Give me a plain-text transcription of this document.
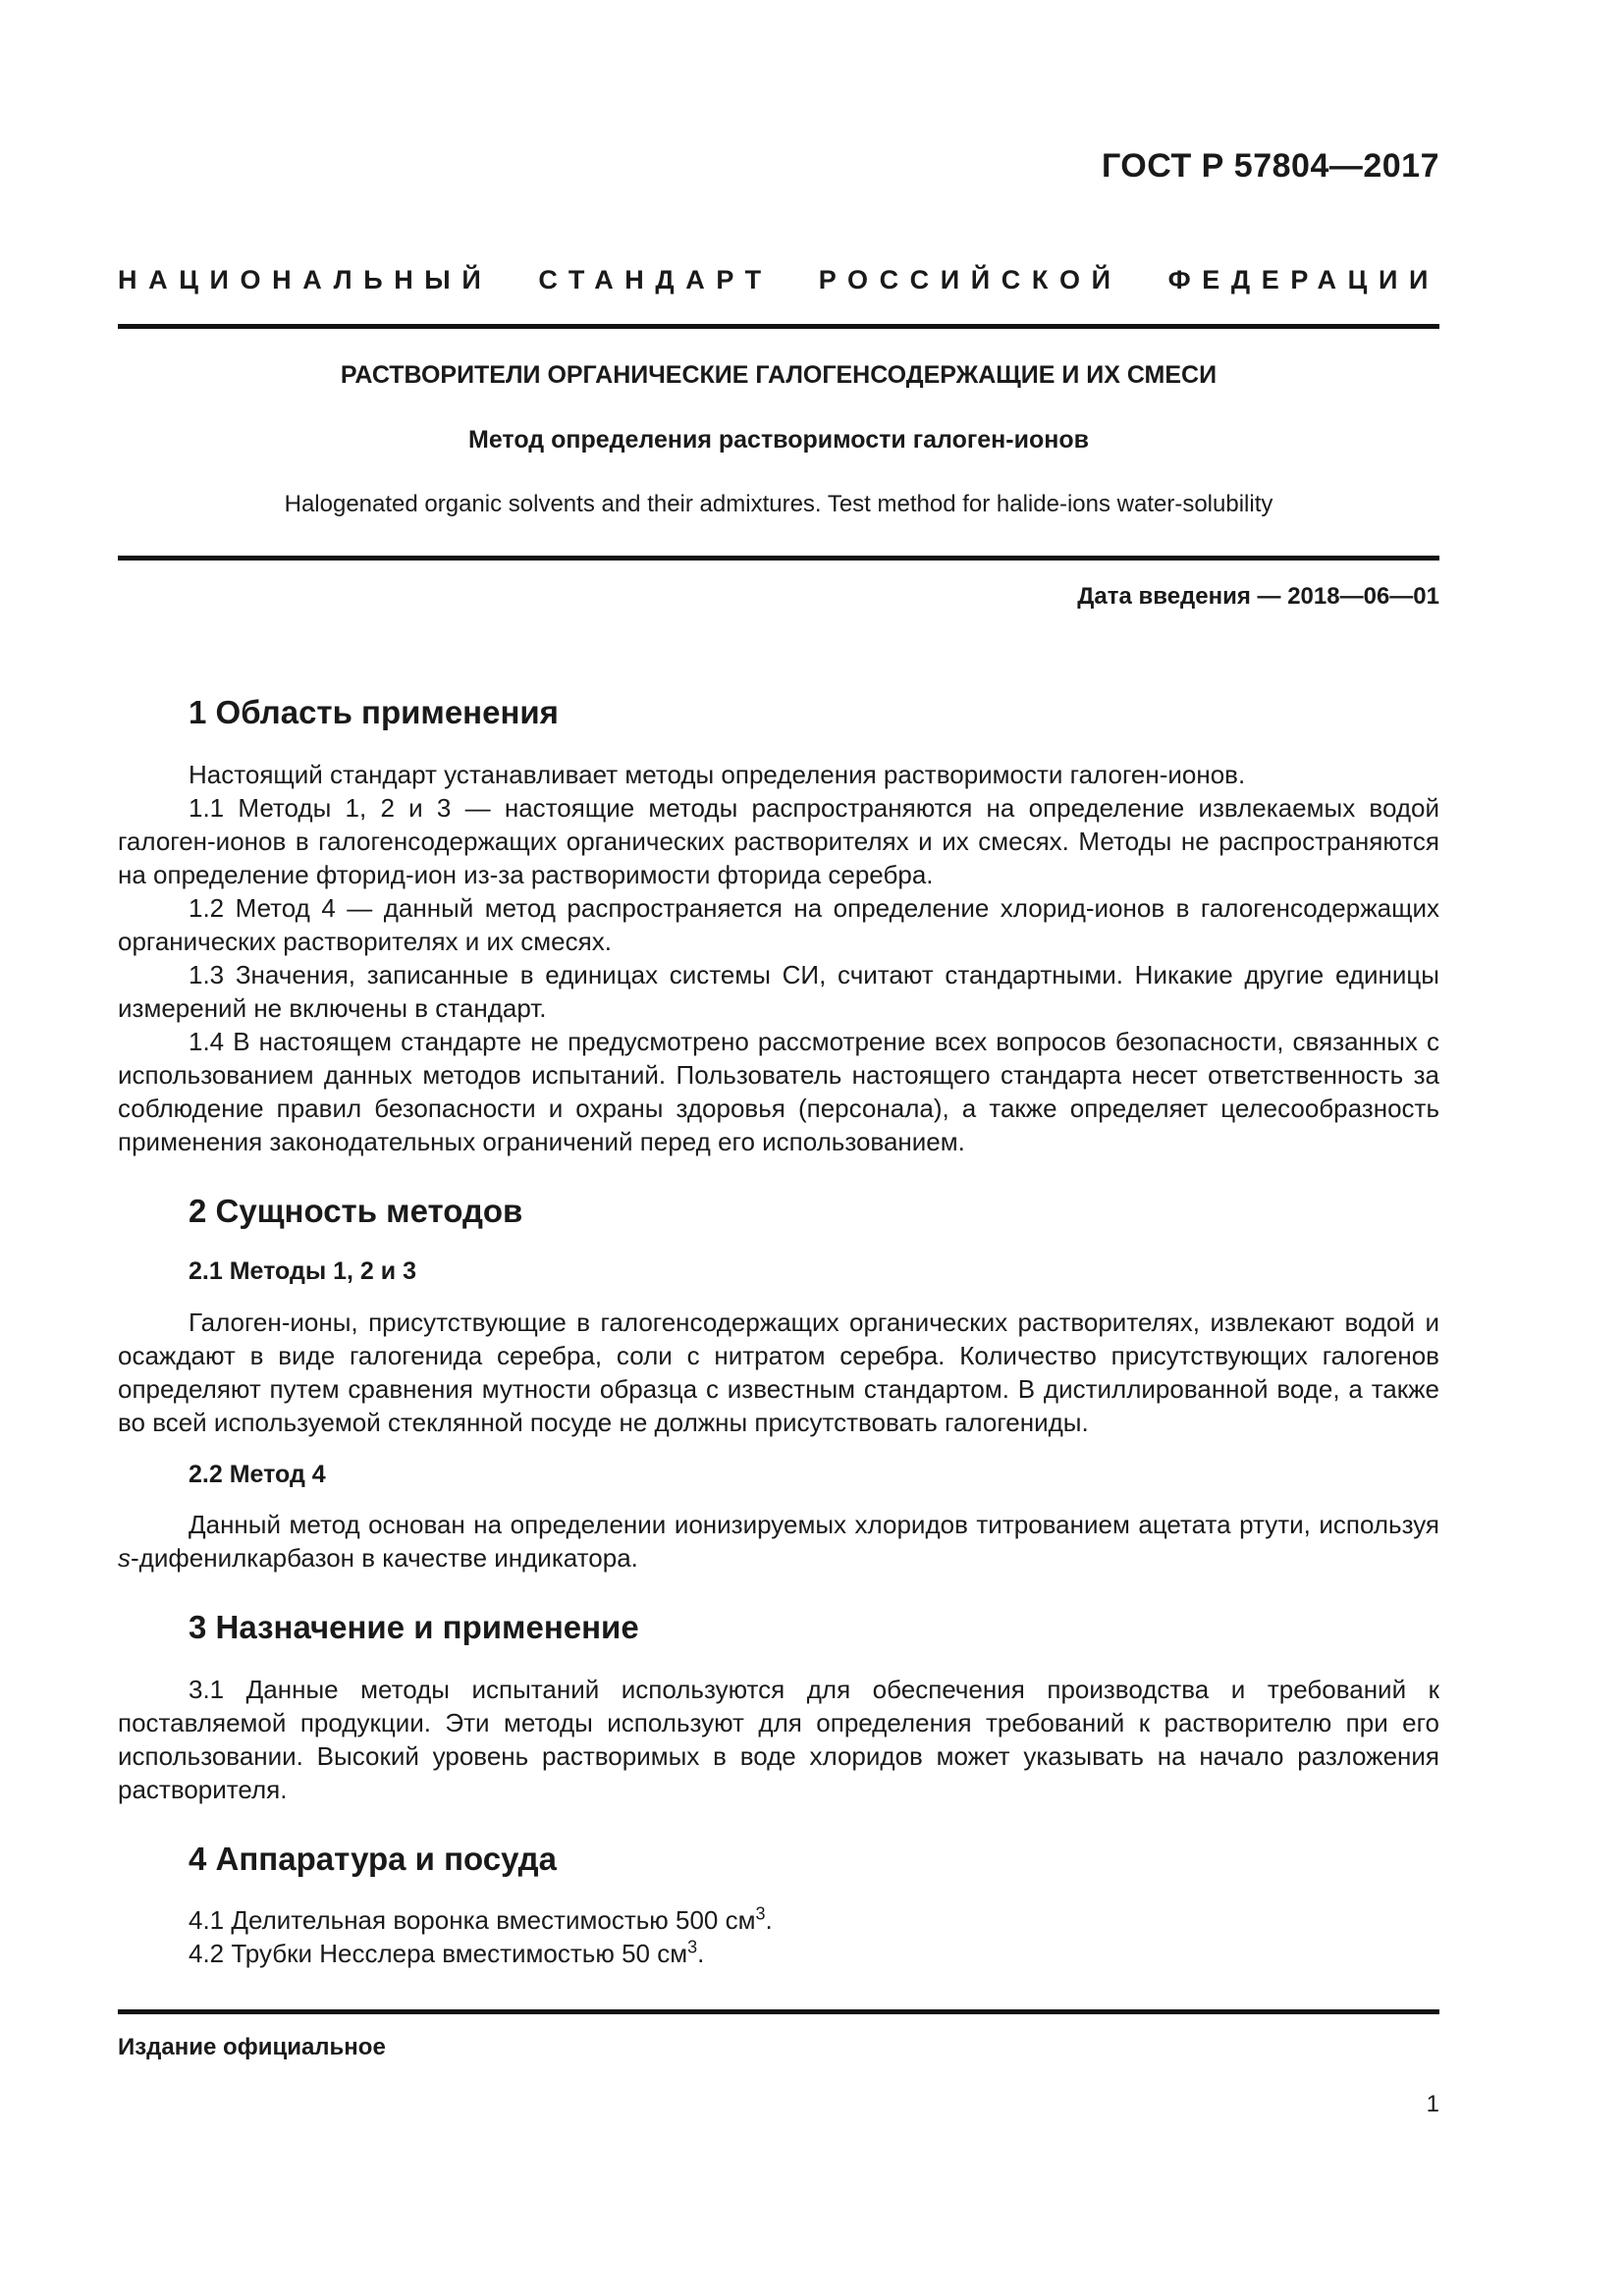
ГОСТ Р 57804—2017
НАЦИОНАЛЬНЫЙ СТАНДАРТ РОССИЙСКОЙ ФЕДЕРАЦИИ
РАСТВОРИТЕЛИ ОРГАНИЧЕСКИЕ ГАЛОГЕНСОДЕРЖАЩИЕ И ИХ СМЕСИ
Метод определения растворимости галоген-ионов
Halogenated organic solvents and their admixtures. Test method for halide-ions water-solubility
Дата введения — 2018—06—01
1 Область применения

Настоящий стандарт устанавливает методы определения растворимости галоген-ионов.

1.1 Методы 1, 2 и 3 — настоящие методы распространяются на определение извлекаемых водой галоген-ионов в галогенсодержащих органических растворителях и их смесях. Методы не распространяются на определение фторид-ион из-за растворимости фторида серебра.

1.2 Метод 4 — данный метод распространяется на определение хлорид-ионов в галогенсодержащих органических растворителях и их смесях.

1.3 Значения, записанные в единицах системы СИ, считают стандартными. Никакие другие единицы измерений не включены в стандарт.

1.4 В настоящем стандарте не предусмотрено рассмотрение всех вопросов безопасности, связанных с использованием данных методов испытаний. Пользователь настоящего стандарта несет ответственность за соблюдение правил безопасности и охраны здоровья (персонала), а также определяет целесообразность применения законодательных ограничений перед его использованием.

2 Сущность методов
2.1 Методы 1, 2 и 3

Галоген-ионы, присутствующие в галогенсодержащих органических растворителях, извлекают водой и осаждают в виде галогенида серебра, соли с нитратом серебра. Количество присутствующих галогенов определяют путем сравнения мутности образца с известным стандартом. В дистиллированной воде, а также во всей используемой стеклянной посуде не должны присутствовать галогениды.

2.2 Метод 4

Данный метод основан на определении ионизируемых хлоридов титрованием ацетата ртути, используя s-дифенилкарбазон в качестве индикатора.

3 Назначение и применение

3.1 Данные методы испытаний используются для обеспечения производства и требований к поставляемой продукции. Эти методы используют для определения требований к растворителю при его использовании. Высокий уровень растворимых в воде хлоридов может указывать на начало разложения растворителя.

4 Аппаратура и посуда

4.1 Делительная воронка вместимостью 500 $см^3$.

4.2 Трубки Несслера вместимостью 50 $см^3$.

Издание официальное
1
